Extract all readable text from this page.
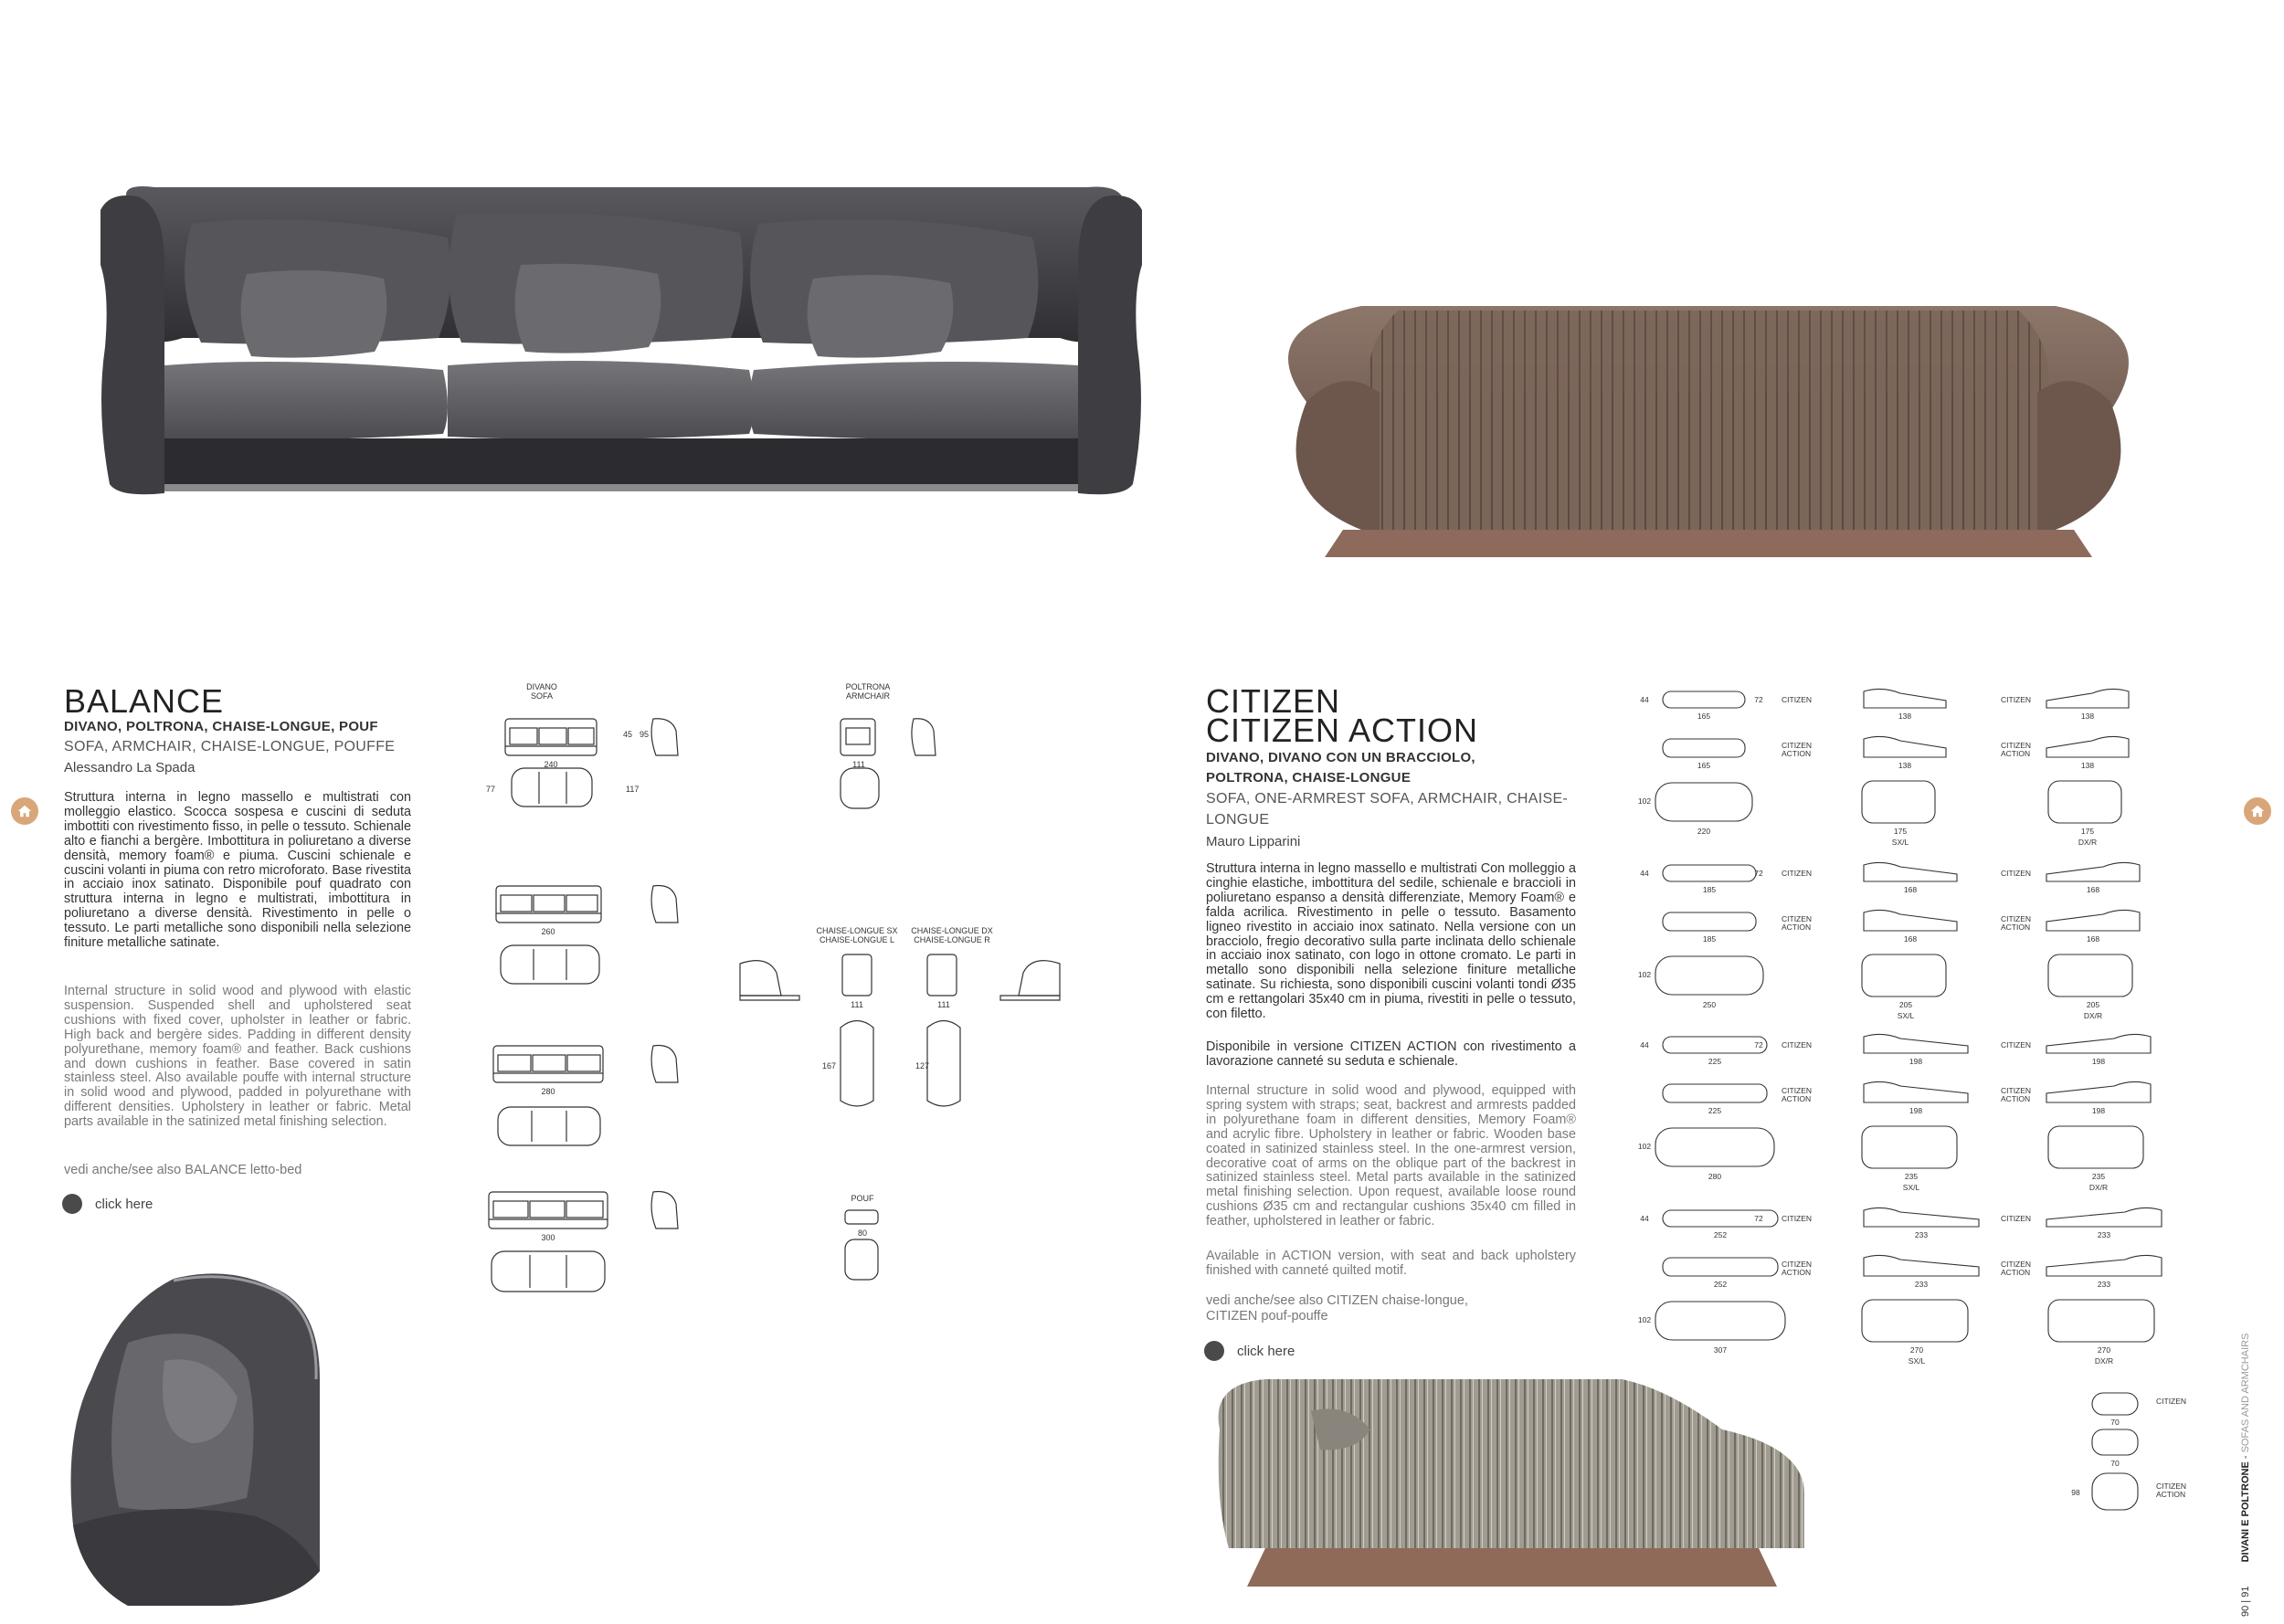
BALANCE
DIVANO, POLTRONA, CHAISE-LONGUE, POUF
SOFA, ARMCHAIR, CHAISE-LONGUE, POUFFE
Alessandro La Spada

Struttura interna in legno massello e multistrati con molleggio elastico. Scocca sospesa e cuscini di seduta imbottiti con rivestimento fisso, in pelle o tessuto. Schienale alto e fianchi a bergère. Imbottitura in poliuretano a diverse densità, memory foam® e piuma. Cuscini schienale e cuscini volanti in piuma con retro microforato. Base rivestita in acciaio inox satinato. Disponibile pouf quadrato con struttura interna in legno e multistrati, imbottitura in poliuretano a diverse densità. Rivestimento in pelle o tessuto. Le parti metalliche sono disponibili nella selezione finiture metalliche satinate.

Internal structure in solid wood and plywood with elastic suspension. Suspended shell and upholstered seat cushions with fixed cover, upholster in leather or fabric. High back and bergère sides. Padding in different density polyurethane, memory foam® and feather. Back cushions and down cushions in feather. Base covered in satin stainless steel. Also available pouffe with internal structure in solid wood and plywood, padded in polyurethane with different densities. Upholstery in leather or fabric. Metal parts available in the satinized metal finishing selection.

vedi anche/see also BALANCE letto-bed
click here
DIVANO
SOFA
POLTRONA
ARMCHAIR
CHAISE-LONGUE SX
CHAISE-LONGUE L
CHAISE-LONGUE DX
CHAISE-LONGUE R
POUF
240
260
280
300
111
111	111
80
95
45
117
77
167	127
CITIZEN
CITIZEN ACTION
DIVANO, DIVANO CON UN BRACCIOLO,
POLTRONA, CHAISE-LONGUE
SOFA, ONE-ARMREST SOFA, ARMCHAIR, CHAISE-
LONGUE
Mauro Lipparini

Struttura interna in legno massello e multistrati Con molleggio a cinghie elastiche, imbottitura del sedile, schienale e braccioli in poliuretano espanso a densità differenziate, Memory Foam® e falda acrilica. Rivestimento in pelle o tessuto. Basamento ligneo rivestito in acciaio inox satinato. Nella versione con un bracciolo, fregio decorativo sulla parte inclinata dello schienale in acciaio inox satinato, con logo in ottone cromato. Le parti in metallo sono disponibili nella selezione finiture metalliche satinate. Su richiesta, sono disponibili cuscini volanti tondi Ø35 cm e rettangolari 35x40 cm in piuma, rivestiti in pelle o tessuto, con filetto.

Disponibile in versione CITIZEN ACTION con rivestimento a lavorazione canneté su seduta e schienale.

Internal structure in solid wood and plywood, equipped with spring system with straps; seat, backrest and armrests padded in polyurethane foam in different densities, Memory Foam® and acrylic fibre. Upholstery in leather or fabric. Wooden base coated in satinized stainless steel. In the one-armrest version, decorative coat of arms on the oblique part of the backrest in satinized stainless steel. Metal parts available in the satinized metal finishing selection. Upon request, available loose round cushions Ø35 cm and rectangular cushions 35x40 cm filled in feather, upholstered in leather or fabric.

Available in ACTION version, with seat and back upholstery finished with canneté quilted motif.

vedi anche/see also CITIZEN chaise-longue, CITIZEN pouf-pouffe
click here
165
165
220
CITIZEN
CITIZEN
ACTION
138
138
175
SX/L
CITIZEN
CITIZEN
ACTION
138
138
175
DX/R
44	72
102
185
185
250
CITIZEN
CITIZEN
ACTION
168
168
205
SX/L
CITIZEN
CITIZEN
ACTION
168
168
205
DX/R
44	72
102
225
225
280
CITIZEN
CITIZEN
ACTION
198
198
235
SX/L
CITIZEN
CITIZEN
ACTION
198
198
235
DX/R
44	72
102
252
252
307
CITIZEN
CITIZEN
ACTION
233
233
270
SX/L
CITIZEN
CITIZEN
ACTION
233
233
270
DX/R
44	72
102
70
70
CITIZEN
CITIZEN
ACTION
98
90 | 91  DIVANI E POLTRONE - SOFAS AND ARMCHAIRS
